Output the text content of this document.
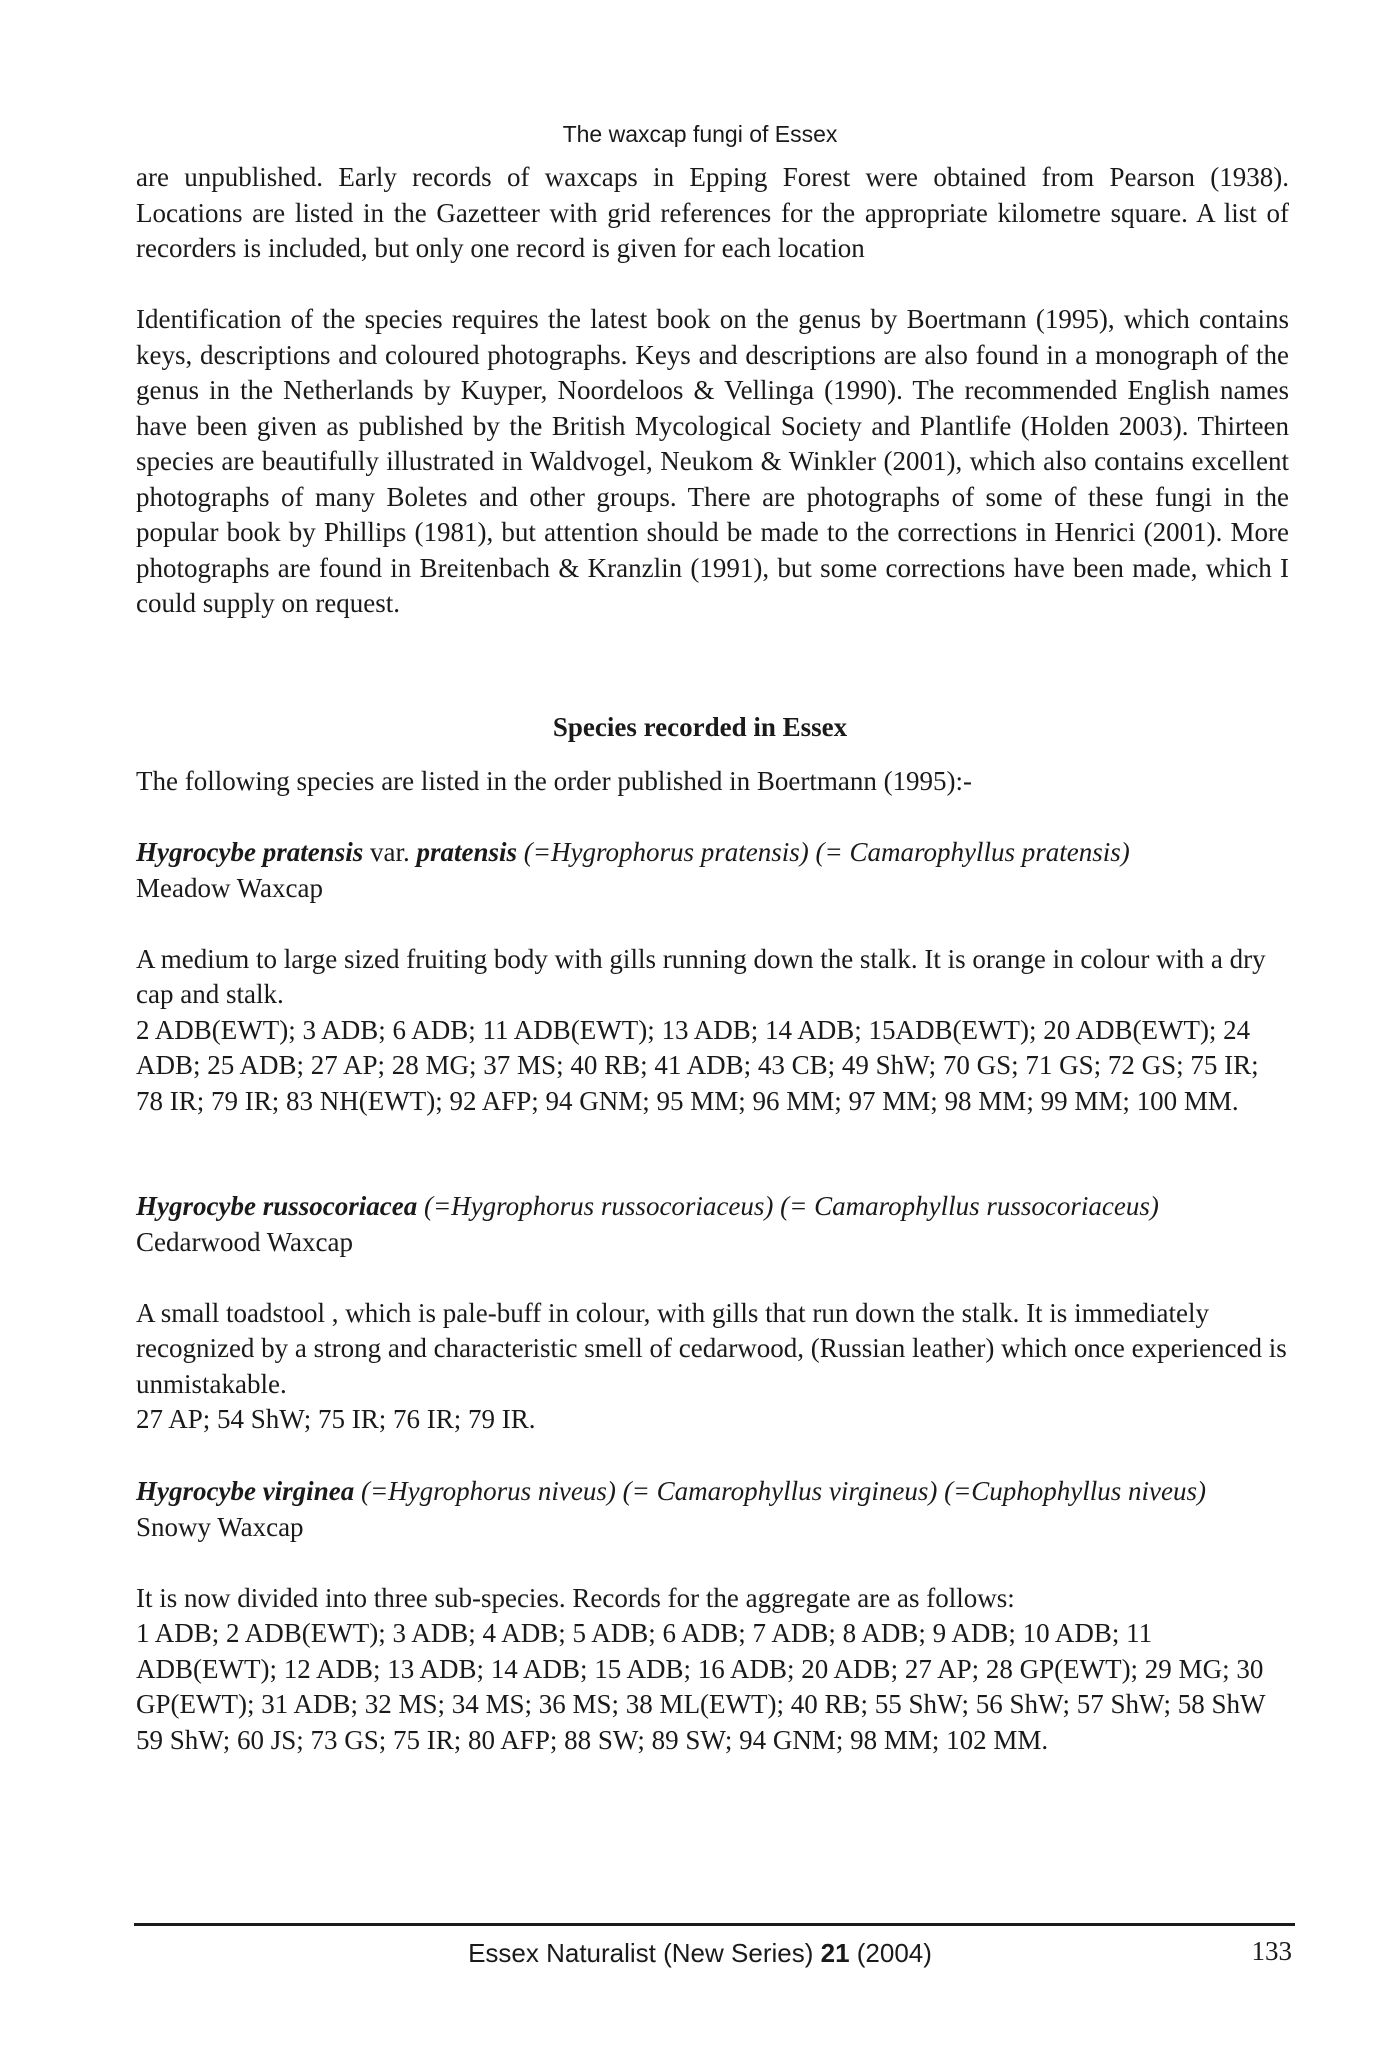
The waxcap fungi of Essex

are unpublished. Early records of waxcaps in Epping Forest were obtained from Pearson (1938). Locations are listed in the Gazetteer with grid references for the appropriate kilometre square. A list of recorders is included, but only one record is given for each location

Identification of the species requires the latest book on the genus by Boertmann (1995), which contains keys, descriptions and coloured photographs. Keys and descriptions are also found in a monograph of the genus in the Netherlands by Kuyper, Noordeloos & Vellinga (1990). The recommended English names have been given as published by the British Mycological Society and Plantlife (Holden 2003). Thirteen species are beautifully illustrated in Waldvogel, Neukom & Winkler (2001), which also contains excellent photographs of many Boletes and other groups. There are photographs of some of these fungi in the popular book by Phillips (1981), but attention should be made to the corrections in Henrici (2001). More photographs are found in Breitenbach & Kranzlin (1991), but some corrections have been made, which I could supply on request.

Species recorded in Essex

The following species are listed in the order published in Boertmann (1995):-

Hygrocybe pratensis var. pratensis (=Hygrophorus pratensis) (= Camarophyllus pratensis)
Meadow Waxcap
A medium to large sized fruiting body with gills running down the stalk. It is orange in colour with a dry cap and stalk.
2 ADB(EWT); 3 ADB; 6 ADB; 11 ADB(EWT); 13 ADB; 14 ADB; 15ADB(EWT); 20 ADB(EWT); 24 ADB; 25 ADB; 27 AP; 28 MG; 37 MS; 40 RB; 41 ADB; 43 CB; 49 ShW; 70 GS; 71 GS; 72 GS; 75 IR; 78 IR; 79 IR; 83 NH(EWT); 92 AFP; 94 GNM; 95 MM; 96 MM; 97 MM; 98 MM; 99 MM; 100 MM.
Hygrocybe russocoriacea (=Hygrophorus russocoriaceus) (= Camarophyllus russocoriaceus)
Cedarwood Waxcap
A small toadstool , which is pale-buff in colour, with gills that run down the stalk. It is immediately recognized by a strong and characteristic smell of cedarwood, (Russian leather) which once experienced is unmistakable.
27 AP; 54 ShW; 75 IR; 76 IR; 79 IR.
Hygrocybe virginea (=Hygrophorus niveus) (= Camarophyllus virgineus) (=Cuphophyllus niveus)
Snowy Waxcap
It is now divided into three sub-species. Records for the aggregate are as follows:
1 ADB; 2 ADB(EWT); 3 ADB; 4 ADB; 5 ADB; 6 ADB; 7 ADB; 8 ADB; 9 ADB; 10 ADB; 11 ADB(EWT); 12 ADB; 13 ADB; 14 ADB; 15 ADB; 16 ADB; 20 ADB; 27 AP; 28 GP(EWT); 29 MG; 30 GP(EWT); 31 ADB; 32 MS; 34 MS; 36 MS; 38 ML(EWT); 40 RB; 55 ShW; 56 ShW; 57 ShW; 58 ShW 59 ShW; 60 JS; 73 GS; 75 IR; 80 AFP; 88 SW; 89 SW; 94 GNM; 98 MM; 102 MM.
Essex Naturalist (New Series) 21 (2004)	133
